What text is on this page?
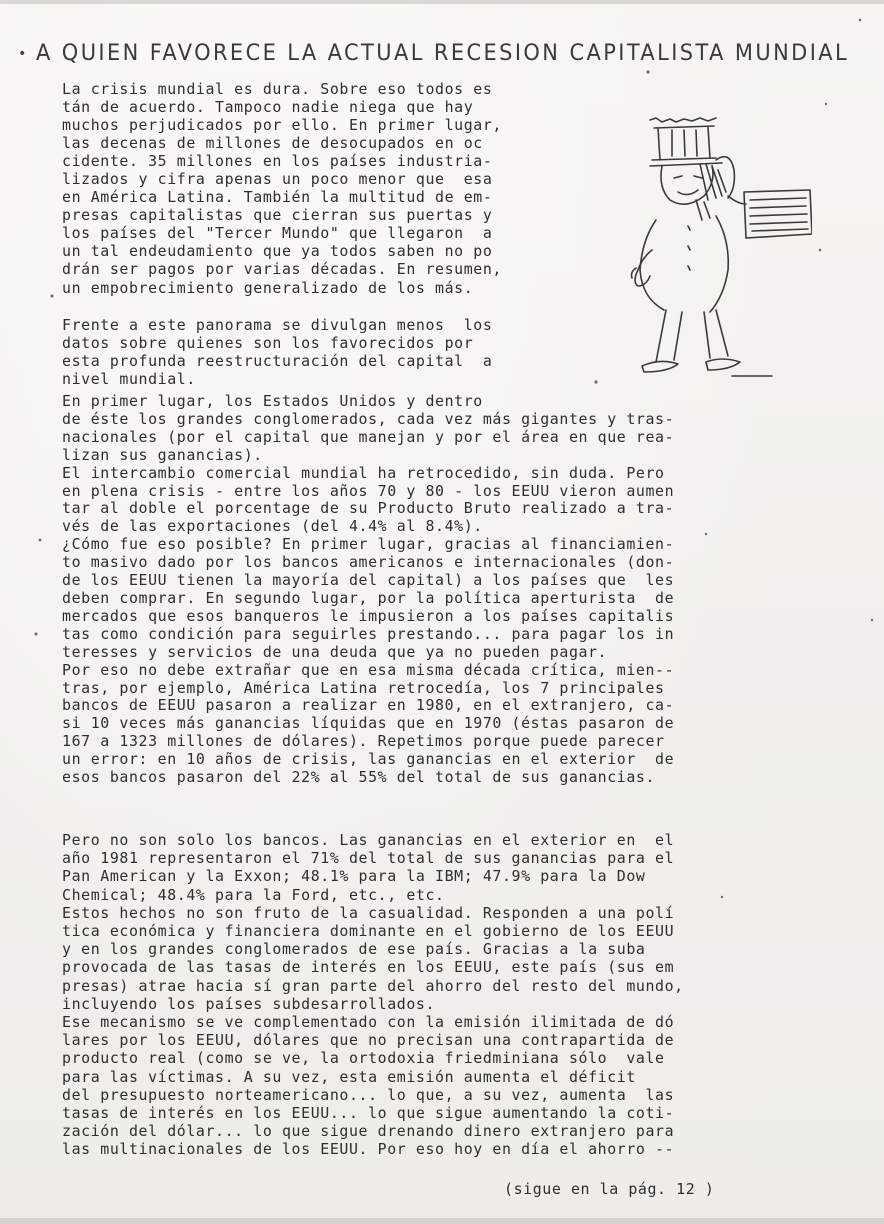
• A QUIEN FAVORECE LA ACTUAL RECESION CAPITALISTA MUNDIAL
La crisis mundial es dura. Sobre eso todos es
tán de acuerdo. Tampoco nadie niega que hay
muchos perjudicados por ello. En primer lugar,
las decenas de millones de desocupados en oc
cidente. 35 millones en los países industria-
lizados y cifra apenas un poco menor que  esa
en América Latina. También la multitud de em-
presas capitalistas que cierran sus puertas y
los países del "Tercer Mundo" que llegaron  a
un tal endeudamiento que ya todos saben no po
drán ser pagos por varias décadas. En resumen,
un empobrecimiento generalizado de los más.
Frente a este panorama se divulgan menos  los
datos sobre quienes son los favorecidos por
esta profunda reestructuración del capital  a
nivel mundial.
En primer lugar, los Estados Unidos y dentro
de éste los grandes conglomerados, cada vez más gigantes y tras-
nacionales (por el capital que manejan y por el área en que rea-
lizan sus ganancias).
El intercambio comercial mundial ha retrocedido, sin duda. Pero
en plena crisis - entre los años 70 y 80 - los EEUU vieron aumen
tar al doble el porcentage de su Producto Bruto realizado a tra-
vés de las exportaciones (del 4.4% al 8.4%).
¿Cómo fue eso posible? En primer lugar, gracias al financiamien-
to masivo dado por los bancos americanos e internacionales (don-
de los EEUU tienen la mayoría del capital) a los países que  les
deben comprar. En segundo lugar, por la política aperturista  de
mercados que esos banqueros le impusieron a los países capitalis
tas como condición para seguirles prestando... para pagar los in
teresses y servicios de una deuda que ya no pueden pagar.
Por eso no debe extrañar que en esa misma década crítica, mien--
tras, por ejemplo, América Latina retrocedía, los 7 principales
bancos de EEUU pasaron a realizar en 1980, en el extranjero, ca-
si 10 veces más ganancias líquidas que en 1970 (éstas pasaron de
167 a 1323 millones de dólares). Repetimos porque puede parecer
un error: en 10 años de crisis, las ganancias en el exterior  de
esos bancos pasaron del 22% al 55% del total de sus ganancias.
Pero no son solo los bancos. Las ganancias en el exterior en  el
año 1981 representaron el 71% del total de sus ganancias para el
Pan American y la Exxon; 48.1% para la IBM; 47.9% para la Dow
Chemical; 48.4% para la Ford, etc., etc.
Estos hechos no son fruto de la casualidad. Responden a una polí
tica económica y financiera dominante en el gobierno de los EEUU
y en los grandes conglomerados de ese país. Gracias a la suba
provocada de las tasas de interés en los EEUU, este país (sus em
presas) atrae hacia sí gran parte del ahorro del resto del mundo,
incluyendo los países subdesarrollados.
Ese mecanismo se ve complementado con la emisión ilimitada de dó
lares por los EEUU, dólares que no precisan una contrapartida de
producto real (como se ve, la ortodoxia friedminiana sólo  vale
para las víctimas. A su vez, esta emisión aumenta el déficit
del presupuesto norteamericano... lo que, a su vez, aumenta  las
tasas de interés en los EEUU... lo que sigue aumentando la coti-
zación del dólar... lo que sigue drenando dinero extranjero para
las multinacionales de los EEUU. Por eso hoy en día el ahorro --
(sigue en la pág. 12 )
